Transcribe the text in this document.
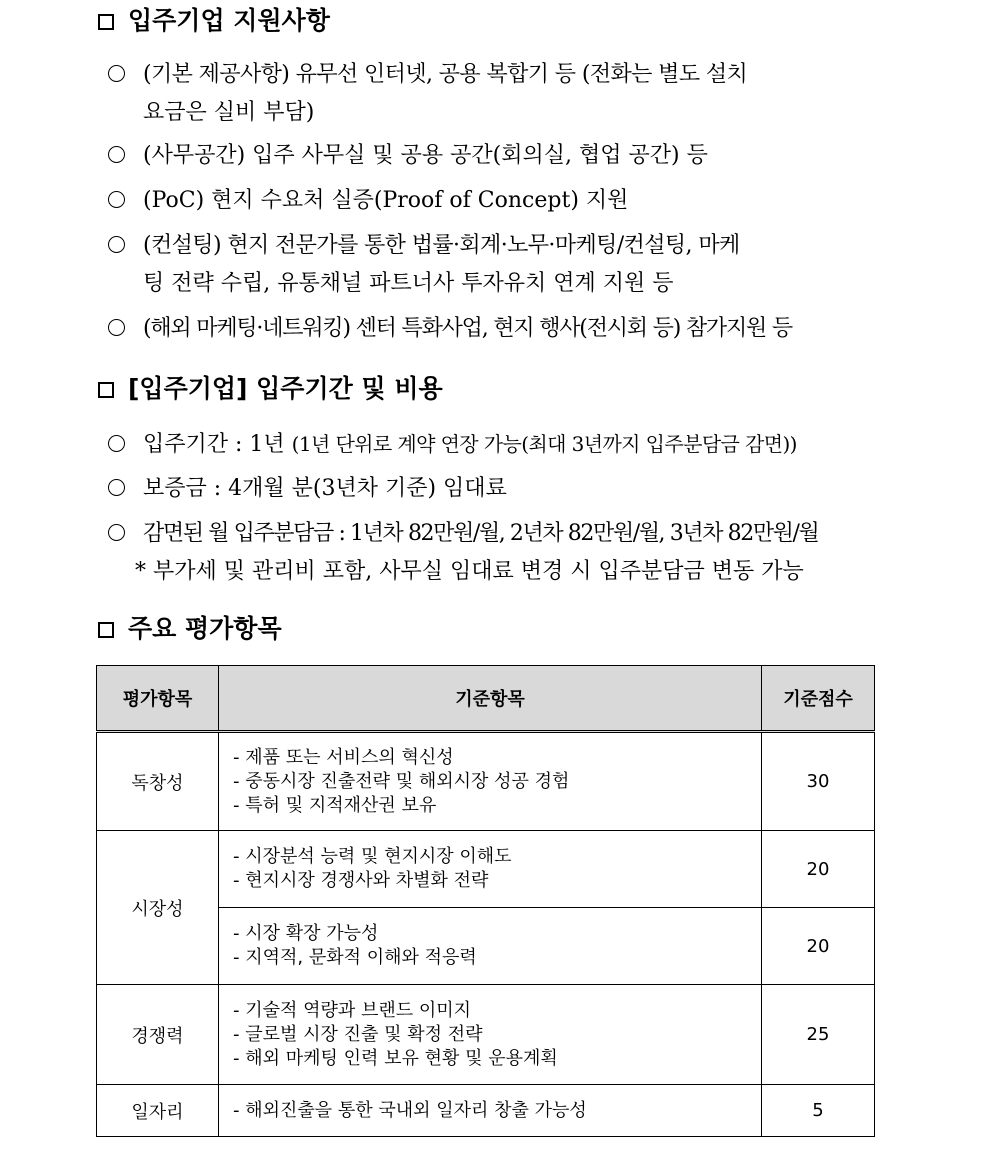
입주기업 지원사항
(기본 제공사항) 유무선 인터넷, 공용 복합기 등 (전화는 별도 설치
요금은 실비 부담)
(사무공간) 입주 사무실 및 공용 공간(회의실, 협업 공간) 등
(PoC) 현지 수요처 실증(Proof of Concept) 지원
(컨설팅) 현지 전문가를 통한 법률·회계·노무·마케팅/컨설팅, 마케
팅 전략 수립, 유통채널 파트너사 투자유치 연계 지원 등
(해외 마케팅·네트워킹) 센터 특화사업, 현지 행사(전시회 등) 참가지원 등
[입주기업] 입주기간 및 비용
입주기간 : 1년 (1년 단위로 계약 연장 가능(최대 3년까지 입주분담금 감면))
보증금 : 4개월 분(3년차 기준) 임대료
감면된 월 입주분담금 : 1년차 82만원/월, 2년차 82만원/월, 3년차 82만원/월
* 부가세 및 관리비 포함, 사무실 임대료 변경 시 입주분담금 변동 가능
주요 평가항목
평가항목	기준항목	기준점수
독창성	- 제품 또는 서비스의 혁신성
- 중동시장 진출전략 및 해외시장 성공 경험
- 특허 및 지적재산권 보유	30
시장성	- 시장분석 능력 및 현지시장 이해도
- 현지시장 경쟁사와 차별화 전략	20

	- 시장 확장 가능성
- 지역적, 문화적 이해와 적응력	20
경쟁력	- 기술적 역량과 브랜드 이미지
- 글로벌 시장 진출 및 확정 전략
- 해외 마케팅 인력 보유 현황 및 운용계획	25
일자리	- 해외진출을 통한 국내외 일자리 창출 가능성	5
